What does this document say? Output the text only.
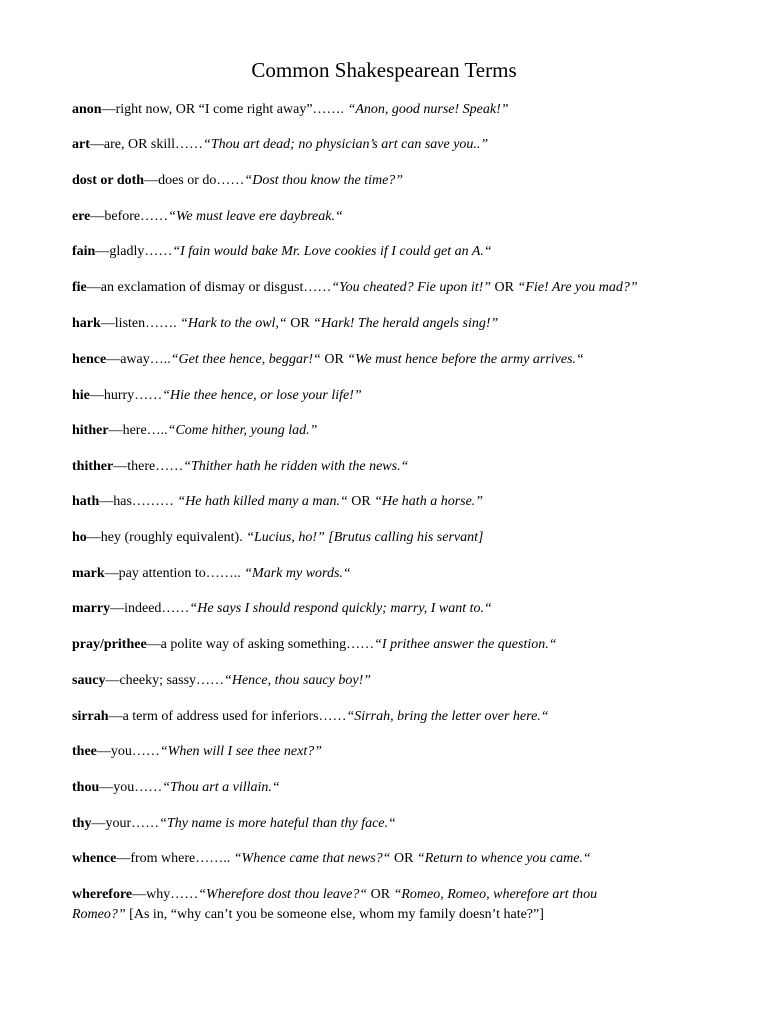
Common Shakespearean Terms
anon—right now, OR “I come right away”……. “Anon, good nurse! Speak!”
art—are, OR skill……“Thou art dead; no physician’s art can save you..”
dost or doth—does or do……“Dost thou know the time?”
ere—before……“We must leave ere daybreak.“
fain—gladly……“I fain would bake Mr. Love cookies if I could get an A.“
fie—an exclamation of dismay or disgust……“You cheated? Fie upon it!” OR “Fie! Are you mad?”
hark—listen……. “Hark to the owl,“ OR “Hark! The herald angels sing!”
hence—away…..“Get thee hence, beggar!“ OR “We must hence before the army arrives.“
hie—hurry……“Hie thee hence, or lose your life!”
hither—here…..“Come hither, young lad.”
thither—there……“Thither hath he ridden with the news.“
hath—has……… “He hath killed many a man.“ OR “He hath a horse.”
ho—hey (roughly equivalent). “Lucius, ho!” [Brutus calling his servant]
mark—pay attention to…….. “Mark my words.“
marry—indeed……“He says I should respond quickly; marry, I want to.“
pray/prithee—a polite way of asking something……“I prithee answer the question.“
saucy—cheeky; sassy……“Hence, thou saucy boy!”
sirrah—a term of address used for inferiors……“Sirrah, bring the letter over here.“
thee—you……“When will I see thee next?”
thou—you……“Thou art a villain.“
thy—your……“Thy name is more hateful than thy face.“
whence—from where…….. “Whence came that news?“ OR “Return to whence you came.“
wherefore—why……“Wherefore dost thou leave?“ OR “Romeo, Romeo, wherefore art thou Romeo?” [As in, “why can’t you be someone else, whom my family doesn’t hate?”]
